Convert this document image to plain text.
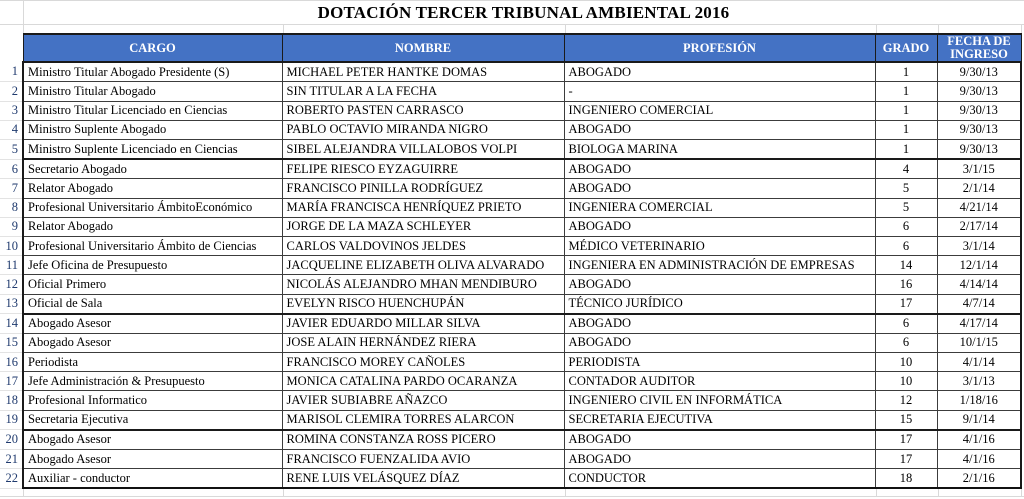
DOTACIÓN TERCER TRIBUNAL AMBIENTAL 2016
	CARGO	NOMBRE	PROFESIÓN	GRADO	FECHA DE INGRESO
1	Ministro Titular Abogado Presidente (S)	MICHAEL PETER HANTKE DOMAS	ABOGADO	1	9/30/13
2	Ministro Titular Abogado	SIN TITULAR A LA FECHA	-	1	9/30/13
3	Ministro Titular Licenciado en Ciencias	ROBERTO PASTEN CARRASCO	INGENIERO COMERCIAL	1	9/30/13
4	Ministro Suplente Abogado	PABLO OCTAVIO MIRANDA NIGRO	ABOGADO	1	9/30/13
5	Ministro Suplente Licenciado en Ciencias	SIBEL ALEJANDRA VILLALOBOS VOLPI	BIOLOGA MARINA	1	9/30/13
6	Secretario Abogado	FELIPE RIESCO EYZAGUIRRE	ABOGADO	4	3/1/15
7	Relator Abogado	FRANCISCO PINILLA RODRÍGUEZ	ABOGADO	5	2/1/14
8	Profesional Universitario ÁmbitoEconómico	MARÍA FRANCISCA HENRÍQUEZ PRIETO	INGENIERA COMERCIAL	5	4/21/14
9	Relator Abogado	JORGE DE LA MAZA SCHLEYER	ABOGADO	6	2/17/14
10	Profesional Universitario Ámbito de Ciencias	CARLOS VALDOVINOS JELDES	MÉDICO VETERINARIO	6	3/1/14
11	Jefe Oficina de Presupuesto	JACQUELINE ELIZABETH OLIVA ALVARADO	INGENIERA EN ADMINISTRACIÓN DE EMPRESAS	14	12/1/14
12	Oficial Primero	NICOLÁS ALEJANDRO MHAN MENDIBURO	ABOGADO	16	4/14/14
13	Oficial de Sala	EVELYN RISCO HUENCHUPÁN	TÉCNICO JURÍDICO	17	4/7/14
14	Abogado Asesor	JAVIER EDUARDO MILLAR SILVA	ABOGADO	6	4/17/14
15	Abogado Asesor	JOSE ALAIN HERNÁNDEZ RIERA	ABOGADO	6	10/1/15
16	Periodista	FRANCISCO MOREY CAÑOLES	PERIODISTA	10	4/1/14
17	Jefe Administración & Presupuesto	MONICA CATALINA PARDO OCARANZA	CONTADOR AUDITOR	10	3/1/13
18	Profesional Informatico	JAVIER SUBIABRE AÑAZCO	INGENIERO CIVIL EN INFORMÁTICA	12	1/18/16
19	Secretaria Ejecutiva	MARISOL CLEMIRA TORRES ALARCON	SECRETARIA EJECUTIVA	15	9/1/14
20	Abogado Asesor	ROMINA CONSTANZA ROSS PICERO	ABOGADO	17	4/1/16
21	Abogado Asesor	FRANCISCO FUENZALIDA AVIO	ABOGADO	17	4/1/16
22	Auxiliar - conductor	RENE LUIS VELÁSQUEZ DÍAZ	CONDUCTOR	18	2/1/16
